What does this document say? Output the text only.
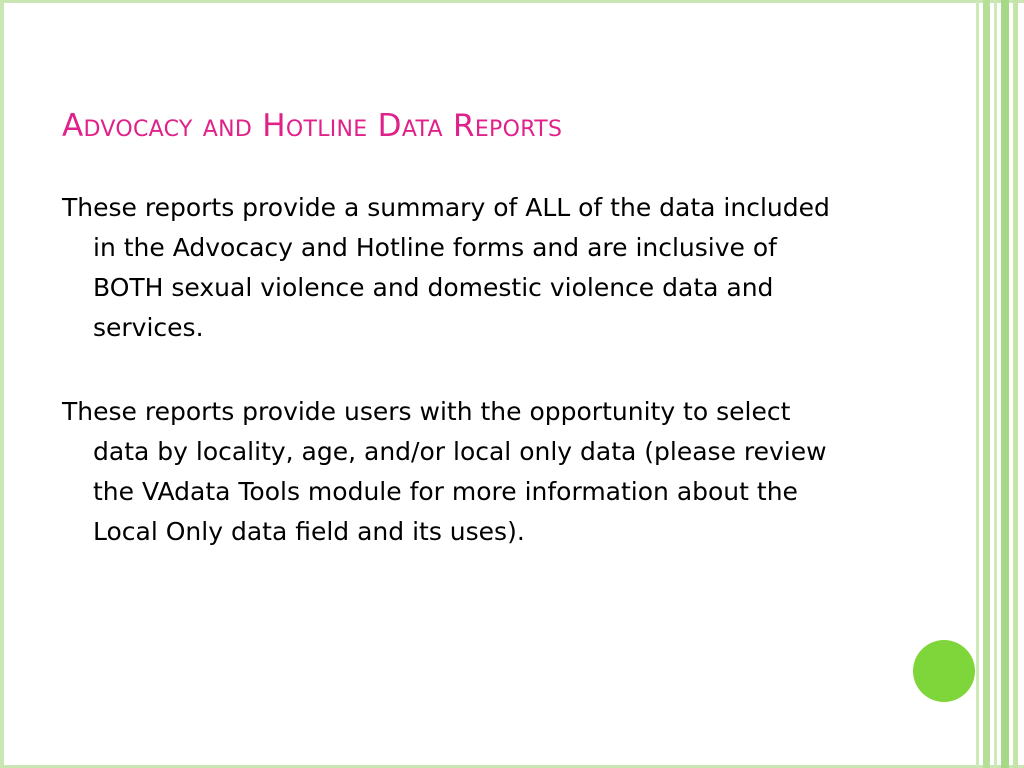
Advocacy and Hotline Data Reports

These reports provide a summary of ALL of the data included in the Advocacy and Hotline forms and are inclusive of BOTH sexual violence and domestic violence data and services.

These reports provide users with the opportunity to select data by locality, age, and/or local only data (please review the VAdata Tools module for more information about the Local Only data field and its uses).
